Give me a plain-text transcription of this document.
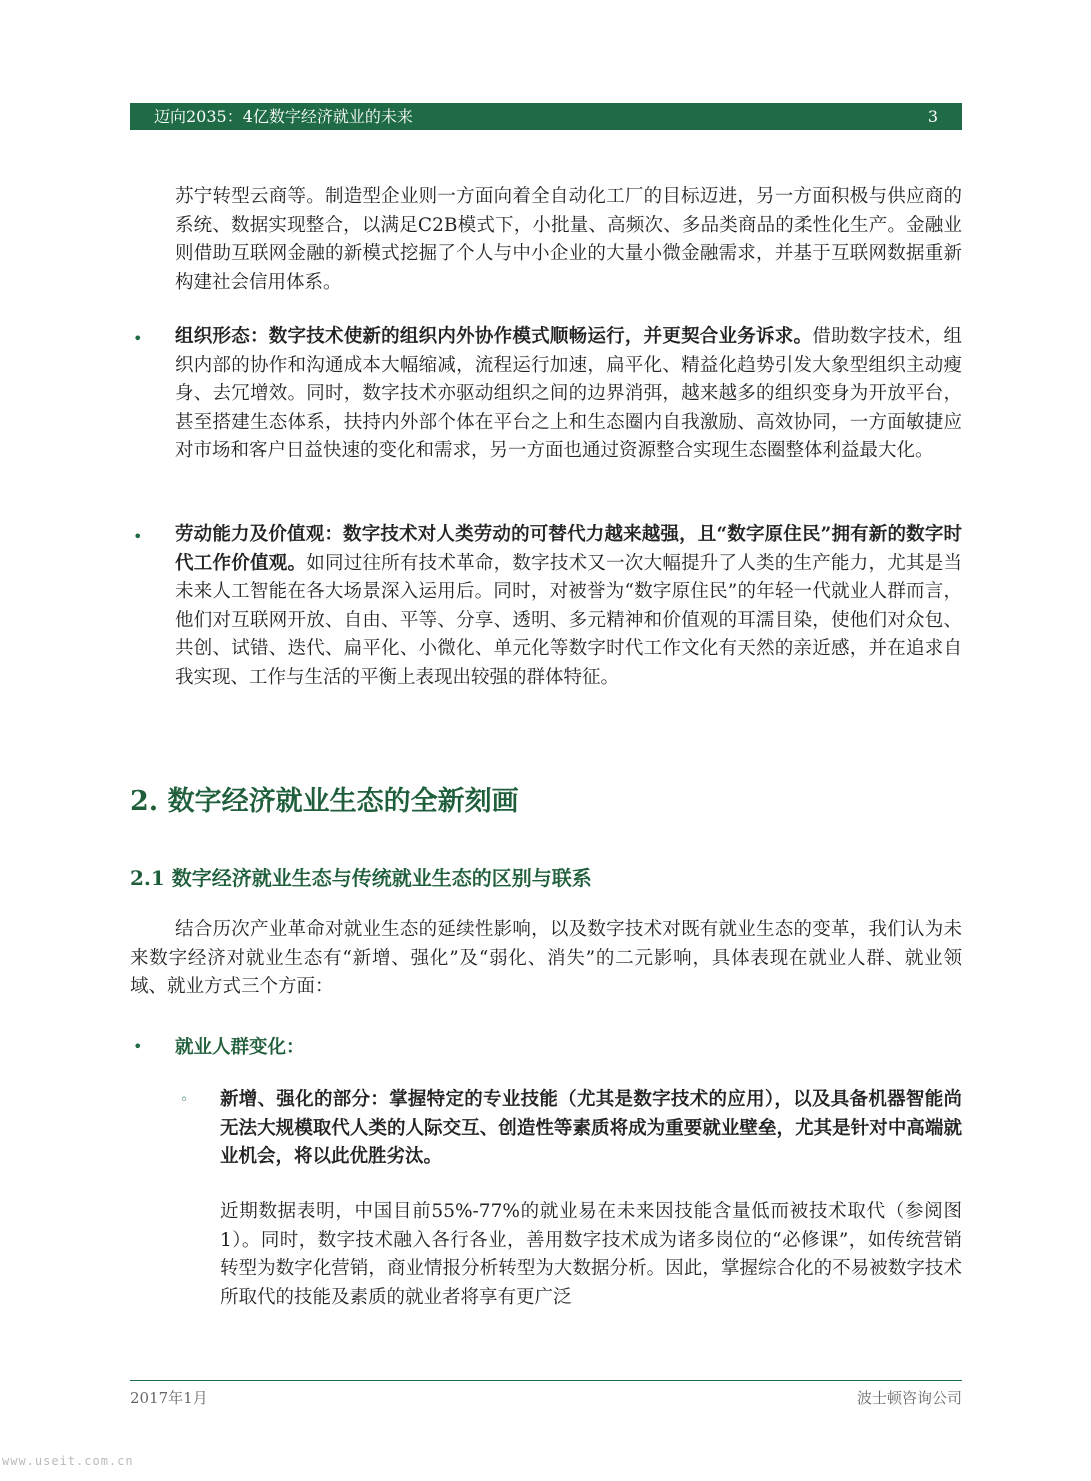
迈向2035：4亿数字经济就业的未来	3

苏宁转型云商等。制造型企业则一方面向着全自动化工厂的目标迈进，另一方面积极与供应商的系统、数据实现整合，以满足C2B模式下，小批量、高频次、多品类商品的柔性化生产。金融业则借助互联网金融的新模式挖掘了个人与中小企业的大量小微金融需求，并基于互联网数据重新构建社会信用体系。

• 组织形态：数字技术使新的组织内外协作模式顺畅运行，并更契合业务诉求。借助数字技术，组织内部的协作和沟通成本大幅缩减，流程运行加速，扁平化、精益化趋势引发大象型组织主动瘦身、去冗增效。同时，数字技术亦驱动组织之间的边界消弭，越来越多的组织变身为开放平台，甚至搭建生态体系，扶持内外部个体在平台之上和生态圈内自我激励、高效协同，一方面敏捷应对市场和客户日益快速的变化和需求，另一方面也通过资源整合实现生态圈整体利益最大化。

• 劳动能力及价值观：数字技术对人类劳动的可替代力越来越强，且“数字原住民”拥有新的数字时代工作价值观。如同过往所有技术革命，数字技术又一次大幅提升了人类的生产能力，尤其是当未来人工智能在各大场景深入运用后。同时，对被誉为“数字原住民”的年轻一代就业人群而言，他们对互联网开放、自由、平等、分享、透明、多元精神和价值观的耳濡目染，使他们对众包、共创、试错、迭代、扁平化、小微化、单元化等数字时代工作文化有天然的亲近感，并在追求自我实现、工作与生活的平衡上表现出较强的群体特征。

2. 数字经济就业生态的全新刻画
2.1 数字经济就业生态与传统就业生态的区别与联系

结合历次产业革命对就业生态的延续性影响，以及数字技术对既有就业生态的变革，我们认为未来数字经济对就业生态有“新增、强化”及“弱化、消失”的二元影响，具体表现在就业人群、就业领域、就业方式三个方面：

• 就业人群变化：
◦ 新增、强化的部分：掌握特定的专业技能（尤其是数字技术的应用），以及具备机器智能尚无法大规模取代人类的人际交互、创造性等素质将成为重要就业壁垒，尤其是针对中高端就业机会，将以此优胜劣汰。

近期数据表明，中国目前55%-77%的就业易在未来因技能含量低而被技术取代（参阅图1）。同时，数字技术融入各行各业，善用数字技术成为诸多岗位的“必修课”，如传统营销转型为数字化营销，商业情报分析转型为大数据分析。因此，掌握综合化的不易被数字技术所取代的技能及素质的就业者将享有更广泛

2017年1月	波士顿咨询公司
www.useit.com.cn
